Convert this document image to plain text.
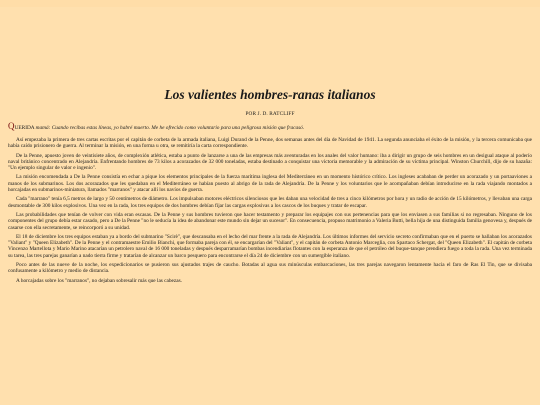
Los valientes hombres-ranas italianos
POR J. D. RATCLIFF
QUERIDA mamá: Cuando recibas estas líneas, yo habré muerto. Me he ofrecido como voluntario para una peligrosa misión que fracasó.

Así empezaba la primera de tres cartas escritas por el capitán de corbeta de la armada italiana, Luigi Durand de la Penne, dos semanas antes del día de Navidad de 1941. La segunda anunciaba el éxito de la misión, y la tercera comunicaba que había caído prisionero de guerra. Al terminar la misión, en una forma u otra, se remitiría la carta correspondiente.

De la Penne, apuesto joven de veintisiete años, de complexión atlética, estaba a punto de lanzarse a una de las empresas más aventuradas en los anales del valor humano: iba a dirigir un grupo de seis hombres en un desigual ataque al poderío naval británico concentrado en Alejandría. Enfrentando hombres de 73 kilos a acorazados de 32 000 toneladas, estaba destinado a conquistar una victoria memorable y la admiración de su víctima principal. Winston Churchill, dijo de su hazaña: "Un ejemplo singular de valor e ingenio".

La misión encomendada a De la Penne consistía en echar a pique los elementos principales de la fuerza marítima inglesa del Mediterráneo en un momento histórico crítico. Los ingleses acababan de perder un acorazado y un portaaviones a manos de los submarinos. Los dos acorazados que les quedaban en el Mediterráneo se habían puesto al abrigo de la rada de Alejandría. De la Penne y los voluntarios que le acompañaban debían introducirse en la rada viajando montados a horcajadas en submarinos-miniatura, llamados "marranos" y atacar allí los navíos de guerra.

Cada "marrano" tenía 6,5 metros de largo y 50 centímetros de diámetro. Los impulsaban motores eléctricos silenciosos que les daban una velocidad de tres a cinco kilómetros por hora y un radio de acción de 15 kilómetros, y llevaban una carga desmontable de 300 kilos explosivos. Una vez en la rada, los tres equipos de dos hombres debían fijar las cargas explosivas a los cascos de los buques y tratar de escapar.

Las probabilidades que tenían de volver con vida eran escasas. De la Penne y sus hombres tuvieron que hacer testamento y preparar los equipajes con sus pertenencias para que los enviasen a sus familias si no regresaban. Ninguno de los componentes del grupo debía estar casado, pero a De la Penne "no le seducía la idea de abandonar este mundo sin dejar un sucesor". En consecuencia, propuso matrimonio a Valeria Butti, bella hija de una distinguida familia genovesa y, después de casarse con ella secretamente, se reincorporó a su unidad.

El 18 de diciembre los tres equipos estaban ya a bordo del submarino "Scirè", que descansaba en el lecho del mar frente a la rada de Alejandría. Los últimos informes del servicio secreto confirmaban que en el puerto se hallaban los acorazados "Valiant" y "Queen Elizabeth". De la Penne y el contramaestre Emilio Bianchi, que formaba pareja con él, se encargarían del "Valiant", y el capitán de corbeta Antonio Marceglia, con Spartaco Schergat, del "Queen Elizabeth". El capitán de corbeta Vincenzo Martellota y Mario Marino atacarían un petrolero naval de 16 000 toneladas y después desparramarían bombas incendiarias flotantes con la esperanza de que el petróleo del buque-tanque prendiera fuego a toda la rada. Una vez terminada su tarea, las tres parejas ganarían a nado tierra firme y tratarían de alcanzar un barco pesquero para encontrarse el día 24 de diciembre con un sumergible italiano.

Poco antes de las nueve de la noche, los expedicionarios se pusieron sus ajustados trajes de caucho. Botadas al agua sus minúsculas embarcaciones, las tres parejas navegaron lentamente hacia el faro de Ras El Tin, que se divisaba confusamente a kilómetro y medio de distancia.

A horcajadas sobre los "marranos", no dejaban sobresalir más que las cabezas.
